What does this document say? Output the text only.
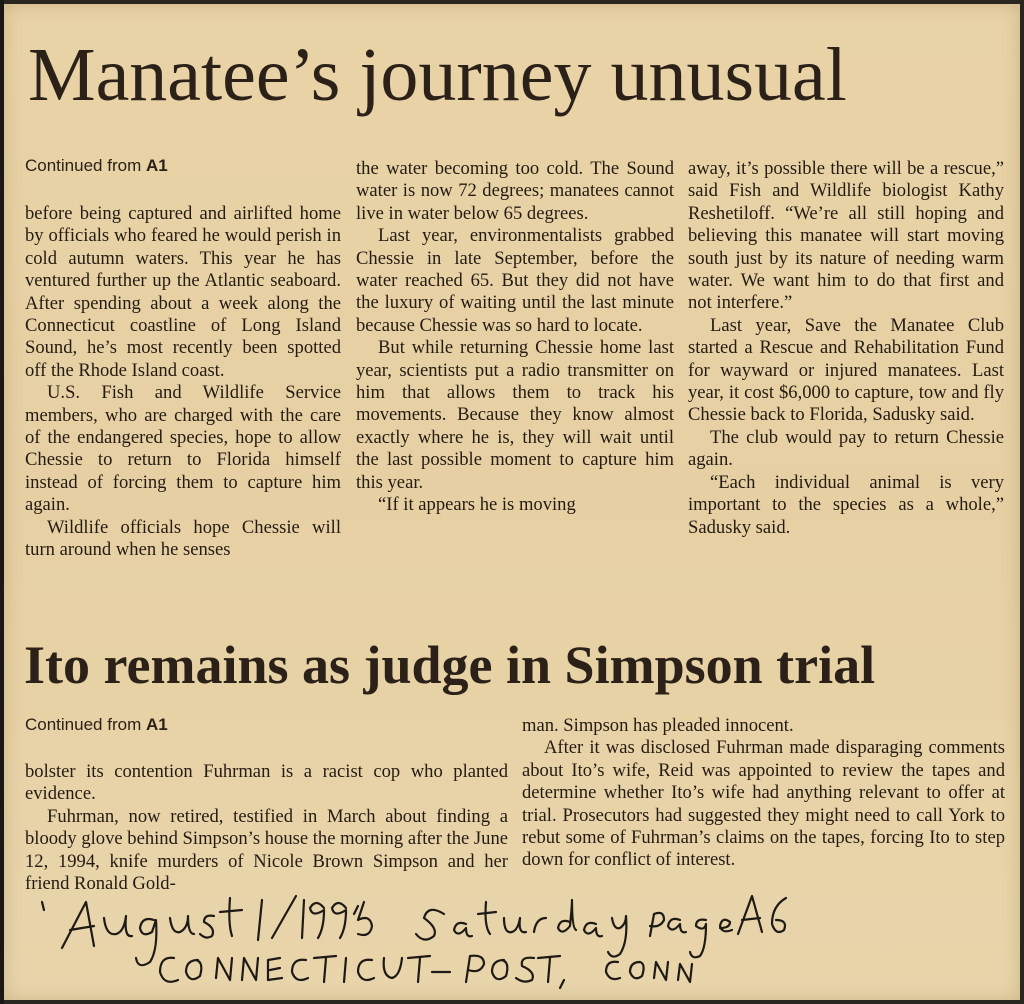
Manatee’s journey unusual
Continued from A1

before being captured and airlifted home by officials who feared he would perish in cold autumn waters. This year he has ventured further up the Atlantic seaboard. After spending about a week along the Connecticut coastline of Long Island Sound, he’s most recently been spotted off the Rhode Island coast.

U.S. Fish and Wildlife Service members, who are charged with the care of the endangered species, hope to allow Chessie to return to Florida himself instead of forcing them to capture him again.

Wildlife officials hope Chessie will turn around when he senses

the water becoming too cold. The Sound water is now 72 degrees; manatees cannot live in water below 65 degrees.

Last year, environmentalists grabbed Chessie in late September, before the water reached 65. But they did not have the luxury of waiting until the last minute because Chessie was so hard to locate.

But while returning Chessie home last year, scientists put a radio transmitter on him that allows them to track his movements. Because they know almost exactly where he is, they will wait until the last possible moment to capture him this year.

“If it appears he is moving

away, it’s possible there will be a rescue,” said Fish and Wildlife biologist Kathy Reshetiloff. “We’re all still hoping and believing this manatee will start moving south just by its nature of needing warm water. We want him to do that first and not interfere.”

Last year, Save the Manatee Club started a Rescue and Rehabilitation Fund for wayward or injured manatees. Last year, it cost $6,000 to capture, tow and fly Chessie back to Florida, Sadusky said.

The club would pay to return Chessie again.

“Each individual animal is very important to the species as a whole,” Sadusky said.

Ito remains as judge in Simpson trial
Continued from A1

bolster its contention Fuhrman is a racist cop who planted evidence.

Fuhrman, now retired, testified in March about finding a bloody glove behind Simpson’s house the morning after the June 12, 1994, knife murders of Nicole Brown Simpson and her friend Ronald Gold-

man. Simpson has pleaded innocent.

After it was disclosed Fuhrman made disparaging comments about Ito’s wife, Reid was appointed to review the tapes and determine whether Ito’s wife had anything relevant to offer at trial. Prosecutors had suggested they might need to call York to rebut some of Fuhrman’s claims on the tapes, forcing Ito to step down for conflict of interest.
